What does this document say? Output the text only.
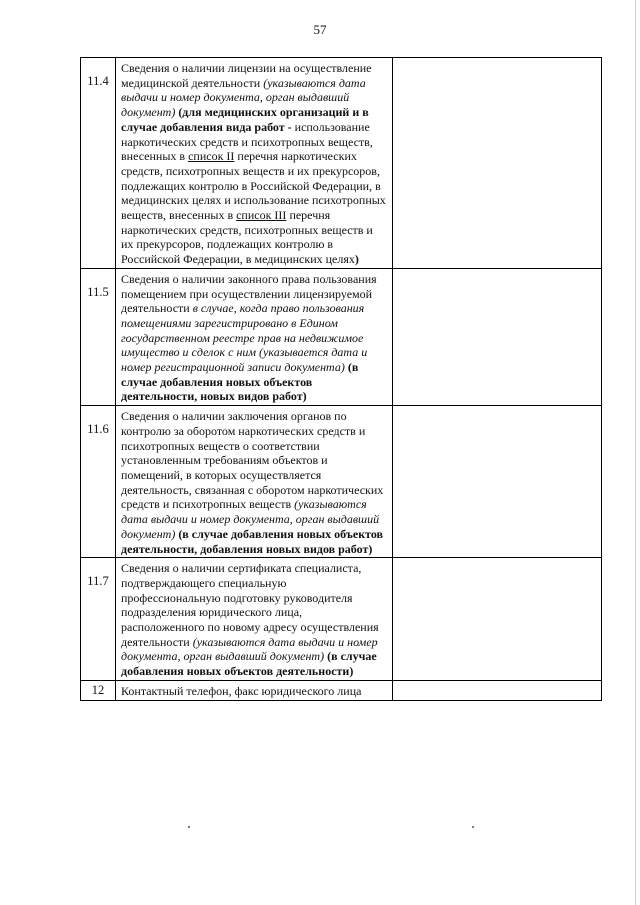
57
11.4	Сведения о наличии лицензии на осуществление медицинской деятельности (указываются дата выдачи и номер документа, орган выдавший документ) (для медицинских организаций и в случае добавления вида работ - использование наркотических средств и психотропных веществ, внесенных в список II перечня наркотических средств, психотропных веществ и их прекурсоров, подлежащих контролю в Российской Федерации, в медицинских целях и использование психотропных веществ, внесенных в список III перечня наркотических средств, психотропных веществ и их прекурсоров, подлежащих контролю в Российской Федерации, в медицинских целях)	
11.5	Сведения о наличии законного права пользования помещением при осуществлении лицензируемой деятельности в случае, когда право пользования помещениями зарегистрировано в Едином государственном реестре прав на недвижимое имущество и сделок с ним (указывается дата и номер регистрационной записи документа) (в случае добавления новых объектов деятельности, новых видов работ)	
11.6	Сведения о наличии заключения органов по контролю за оборотом наркотических средств и психотропных веществ о соответствии установленным требованиям объектов и помещений, в которых осуществляется деятельность, связанная с оборотом наркотических средств и психотропных веществ (указываются дата выдачи и номер документа, орган выдавший документ) (в случае добавления новых объектов деятельности, добавления новых видов работ)	
11.7	Сведения о наличии сертификата специалиста, подтверждающего специальную профессиональную подготовку руководителя подразделения юридического лица, расположенного по новому адресу осуществления деятельности (указываются дата выдачи и номер документа, орган выдавший документ) (в случае добавления новых объектов деятельности)	
12	Контактный телефон, факс юридического лица	
